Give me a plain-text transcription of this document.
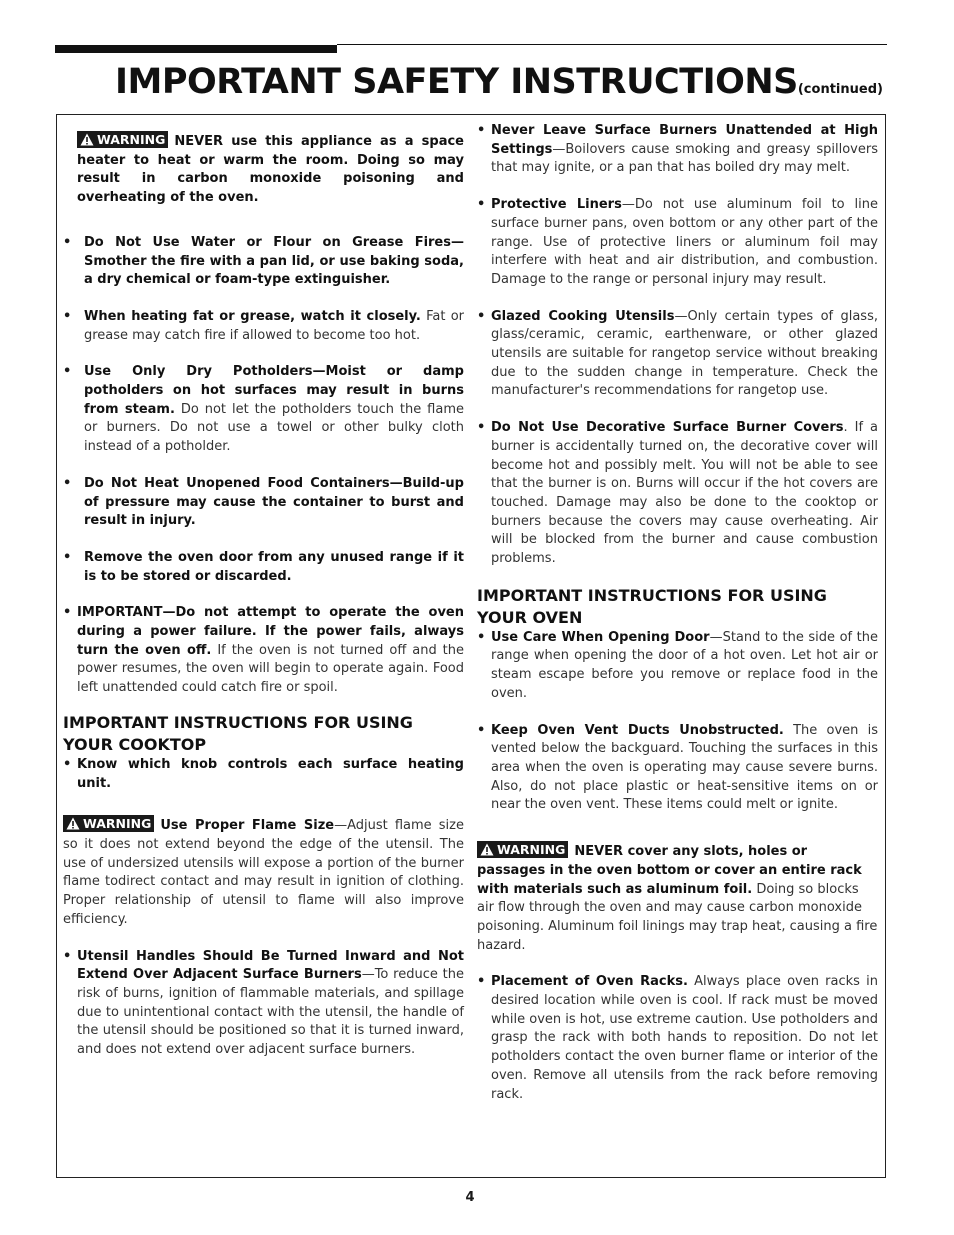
IMPORTANT SAFETY INSTRUCTIONS(continued)

WARNING NEVER use this appliance as a space heater to heat or warm the room. Doing so may result in carbon monoxide poisoning and overheating of the oven.

• Do Not Use Water or Flour on Grease Fires—Smother the fire with a pan lid, or use baking soda, a dry chemical or foam-type extinguisher.
• When heating fat or grease, watch it closely. Fat or grease may catch fire if allowed to become too hot.
• Use Only Dry Potholders—Moist or damp potholders on hot surfaces may result in burns from steam. Do not let the potholders touch the flame or burners. Do not use a towel or other bulky cloth instead of a potholder.
• Do Not Heat Unopened Food Containers—Build-up of pressure may cause the container to burst and result in injury.
• Remove the oven door from any unused range if it is to be stored or discarded.
• IMPORTANT—Do not attempt to operate the oven during a power failure. If the power fails, always turn the oven off. If the oven is not turned off and the power resumes, the oven will begin to operate again. Food left unattended could catch fire or spoil.
IMPORTANT INSTRUCTIONS FOR USING YOUR COOKTOP
• Know which knob controls each surface heating unit.

WARNING Use Proper Flame Size—Adjust flame size so it does not extend beyond the edge of the utensil. The use of undersized utensils will expose a portion of the burner flame todirect contact and may result in ignition of clothing. Proper relationship of utensil to flame will also improve efficiency.

• Utensil Handles Should Be Turned Inward and Not Extend Over Adjacent Surface Burners—To reduce the risk of burns, ignition of flammable materials, and spillage due to unintentional contact with the utensil, the handle of the utensil should be positioned so that it is turned inward, and does not extend over adjacent surface burners.
• Never Leave Surface Burners Unattended at High Settings—Boilovers cause smoking and greasy spillovers that may ignite, or a pan that has boiled dry may melt.
• Protective Liners—Do not use aluminum foil to line surface burner pans, oven bottom or any other part of the range. Use of protective liners or aluminum foil may interfere with heat and air distribution, and combustion. Damage to the range or personal injury may result.
• Glazed Cooking Utensils—Only certain types of glass, glass/ceramic, ceramic, earthenware, or other glazed utensils are suitable for rangetop service without breaking due to the sudden change in temperature. Check the manufacturer's recommendations for rangetop use.
• Do Not Use Decorative Surface Burner Covers. If a burner is accidentally turned on, the decorative cover will become hot and possibly melt. You will not be able to see that the burner is on. Burns will occur if the hot covers are touched. Damage may also be done to the cooktop or burners because the covers may cause overheating. Air will be blocked from the burner and cause combustion problems.
IMPORTANT INSTRUCTIONS FOR USING YOUR OVEN
• Use Care When Opening Door—Stand to the side of the range when opening the door of a hot oven. Let hot air or steam escape before you remove or replace food in the oven.
• Keep Oven Vent Ducts Unobstructed. The oven is vented below the backguard. Touching the surfaces in this area when the oven is operating may cause severe burns. Also, do not place plastic or heat-sensitive items on or near the oven vent. These items could melt or ignite.

WARNING NEVER cover any slots, holes or passages in the oven bottom or cover an entire rack with materials such as aluminum foil. Doing so blocks air flow through the oven and may cause carbon monoxide poisoning. Aluminum foil linings may trap heat, causing a fire hazard.

• Placement of Oven Racks. Always place oven racks in desired location while oven is cool. If rack must be moved while oven is hot, use extreme caution. Use potholders and grasp the rack with both hands to reposition. Do not let potholders contact the oven burner flame or interior of the oven. Remove all utensils from the rack before removing rack.
4
